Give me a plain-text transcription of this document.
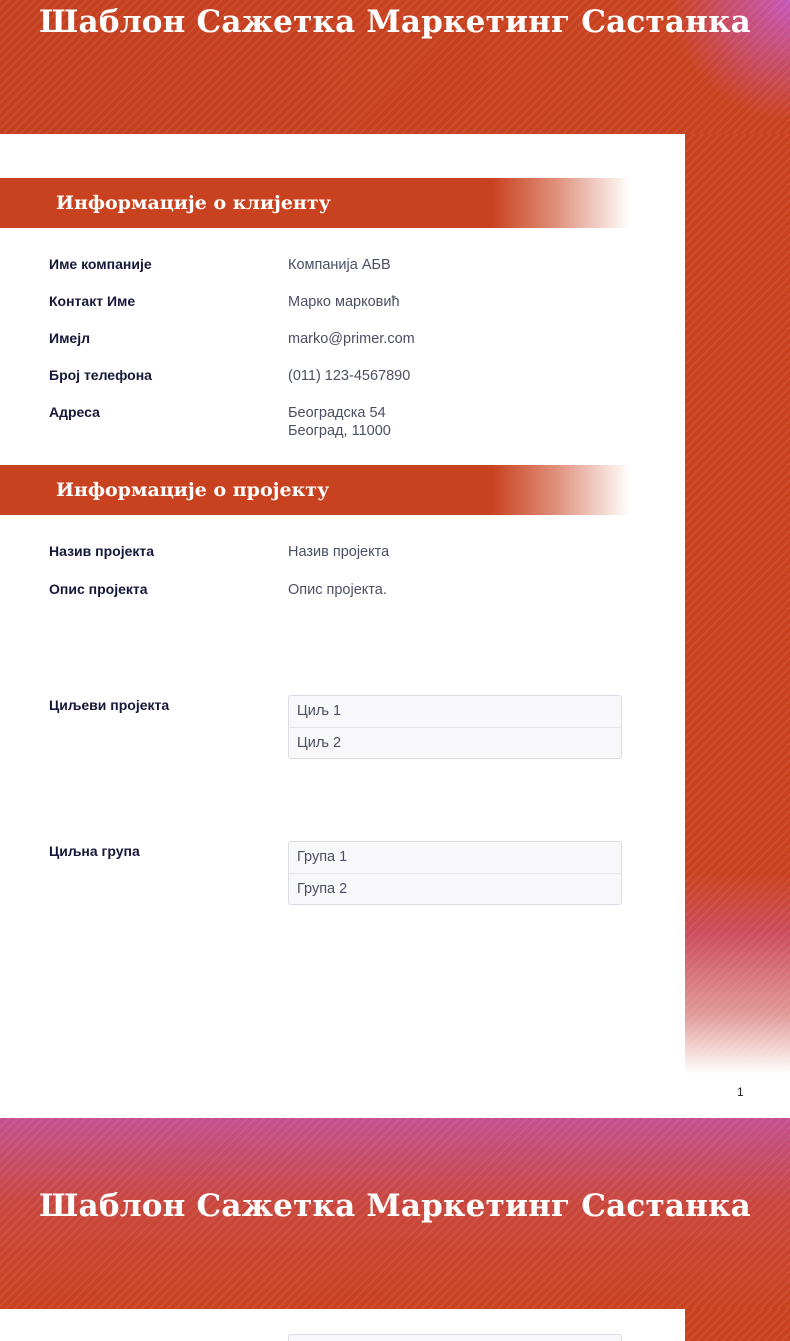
Шаблон Сажетка Маркетинг Састанка
Информације о клијенту
Име компаније	Компанија АБВ
Контакт Име	Марко марковић
Имејл	marko@primer.com
Број телефона	(011) 123-4567890
Адреса	Београдска 54
Београд, 11000
Информације о пројекту
Назив пројекта	Назив пројекта
Опис пројекта	Опис пројекта.
Циљеви пројекта	Циљ 1
Циљ 2
Циљна група	Група 1
Група 2
1
Шаблон Сажетка Маркетинг Састанка
